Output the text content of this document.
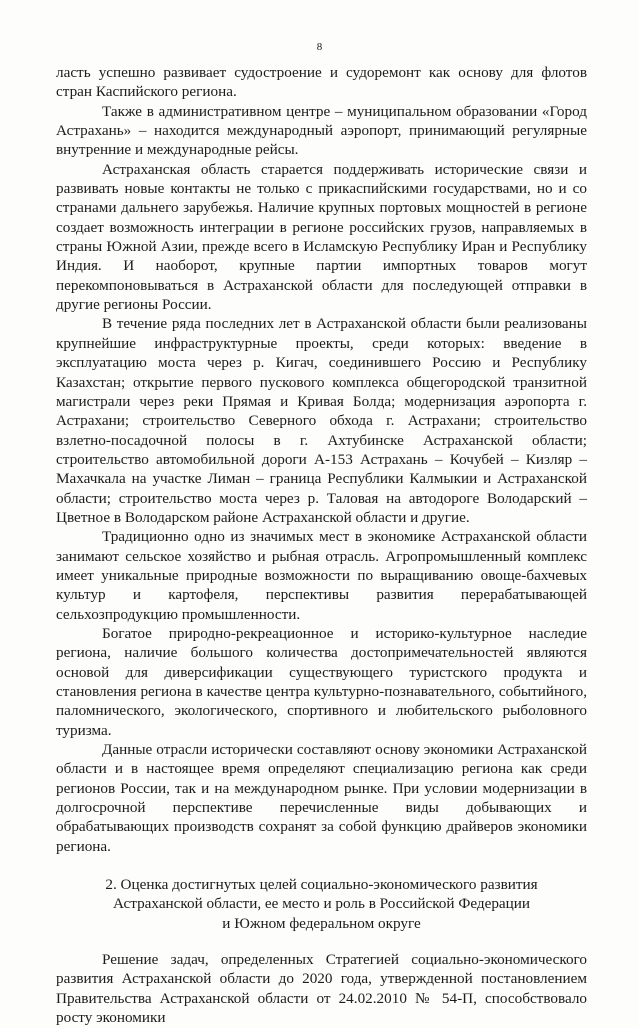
8

ласть успешно развивает судостроение и судоремонт как основу для флотов стран Каспийского региона.

Также в административном центре – муниципальном образовании «Город Астрахань» – находится международный аэропорт, принимающий регулярные внутренние и международные рейсы.

Астраханская область старается поддерживать исторические связи и развивать новые контакты не только с прикаспийскими государствами, но и со странами дальнего зарубежья. Наличие крупных портовых мощностей в регионе создает возможность интеграции в регионе российских грузов, направляемых в страны Южной Азии, прежде всего в Исламскую Республику Иран и Республику Индия. И наоборот, крупные партии импортных товаров могут перекомпоновываться в Астраханской области для последующей отправки в другие регионы России.

В течение ряда последних лет в Астраханской области были реализованы крупнейшие инфраструктурные проекты, среди которых: введение в эксплуатацию моста через р. Кигач, соединившего Россию и Республику Казахстан; открытие первого пускового комплекса общегородской транзитной магистрали через реки Прямая и Кривая Болда; модернизация аэропорта г. Астрахани; строительство Северного обхода г. Астрахани; строительство взлетно-посадочной полосы в г. Ахтубинске Астраханской области; строительство автомобильной дороги А-153 Астрахань – Кочубей – Кизляр – Махачкала на участке Лиман – граница Республики Калмыкии и Астраханской области; строительство моста через р. Таловая на автодороге Володарский – Цветное в Володарском районе Астраханской области и другие.

Традиционно одно из значимых мест в экономике Астраханской области занимают сельское хозяйство и рыбная отрасль. Агропромышленный комплекс имеет уникальные природные возможности по выращиванию овоще-бахчевых культур и картофеля, перспективы развития перерабатывающей сельхозпродукцию промышленности.

Богатое природно-рекреационное и историко-культурное наследие региона, наличие большого количества достопримечательностей являются основой для диверсификации существующего туристского продукта и становления региона в качестве центра культурно-познавательного, событийного, паломнического, экологического, спортивного и любительского рыболовного туризма.

Данные отрасли исторически составляют основу экономики Астраханской области и в настоящее время определяют специализацию региона как среди регионов России, так и на международном рынке. При условии модернизации в долгосрочной перспективе перечисленные виды добывающих и обрабатывающих производств сохранят за собой функцию драйверов экономики региона.

2. Оценка достигнутых целей социально-экономического развития
Астраханской области, ее место и роль в Российской Федерации
и Южном федеральном округе

Решение задач, определенных Стратегией социально-экономического развития Астраханской области до 2020 года, утвержденной постановлением Правительства Астраханской области от 24.02.2010 № 54-П, способствовало росту экономики
